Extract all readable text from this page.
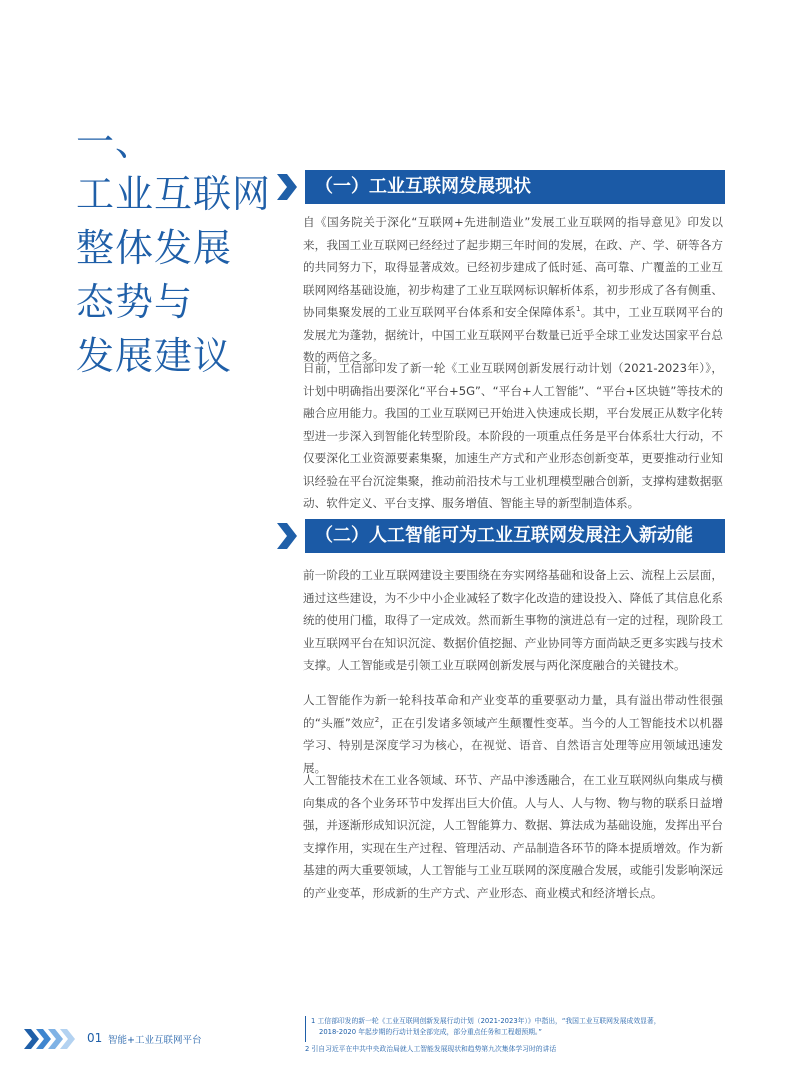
一、
工业互联网
整体发展
态势与
发展建议
（一）工业互联网发展现状

自《国务院关于深化“互联网+先进制造业”发展工业互联网的指导意见》印发以来，我国工业互联网已经经过了起步期三年时间的发展，在政、产、学、研等各方的共同努力下，取得显著成效。已经初步建成了低时延、高可靠、广覆盖的工业互联网网络基础设施，初步构建了工业互联网标识解析体系，初步形成了各有侧重、协同集聚发展的工业互联网平台体系和安全保障体系$^1$。其中，工业互联网平台的发展尤为蓬勃，据统计，中国工业互联网平台数量已近乎全球工业发达国家平台总数的两倍之多。

日前，工信部印发了新一轮《工业互联网创新发展行动计划（2021-2023年）》，计划中明确指出要深化“平台+5G”、“平台+人工智能”、“平台+区块链”等技术的融合应用能力。我国的工业互联网已开始进入快速成长期，平台发展正从数字化转型进一步深入到智能化转型阶段。本阶段的一项重点任务是平台体系壮大行动，不仅要深化工业资源要素集聚，加速生产方式和产业形态创新变革，更要推动行业知识经验在平台沉淀集聚，推动前沿技术与工业机理模型融合创新，支撑构建数据驱动、软件定义、平台支撑、服务增值、智能主导的新型制造体系。

（二）人工智能可为工业互联网发展注入新动能

前一阶段的工业互联网建设主要围绕在夯实网络基础和设备上云、流程上云层面，通过这些建设，为不少中小企业减轻了数字化改造的建设投入、降低了其信息化系统的使用门槛，取得了一定成效。然而新生事物的演进总有一定的过程，现阶段工业互联网平台在知识沉淀、数据价值挖掘、产业协同等方面尚缺乏更多实践与技术支撑。人工智能或是引领工业互联网创新发展与两化深度融合的关键技术。

人工智能作为新一轮科技革命和产业变革的重要驱动力量，具有溢出带动性很强的“头雁”效应$^2$，正在引发诸多领域产生颠覆性变革。当今的人工智能技术以机器学习、特别是深度学习为核心，在视觉、语音、自然语言处理等应用领域迅速发展。

人工智能技术在工业各领域、环节、产品中渗透融合，在工业互联网纵向集成与横向集成的各个业务环节中发挥出巨大价值。人与人、人与物、物与物的联系日益增强，并逐渐形成知识沉淀，人工智能算力、数据、算法成为基础设施，发挥出平台支撑作用，实现在生产过程、管理活动、产品制造各环节的降本提质增效。作为新基建的两大重要领域，人工智能与工业互联网的深度融合发展，或能引发影响深远的产业变革，形成新的生产方式、产业形态、商业模式和经济增长点。

1 工信部印发的新一轮《工业互联网创新发展行动计划（2021-2023年）》中指出，“我国工业互联网发展成效显著，
2018-2020 年起步期的行动计划全部完成，部分重点任务和工程超预期。”
2 引自习近平在中共中央政治局就人工智能发展现状和趋势第九次集体学习时的讲话
01 智能+工业互联网平台
